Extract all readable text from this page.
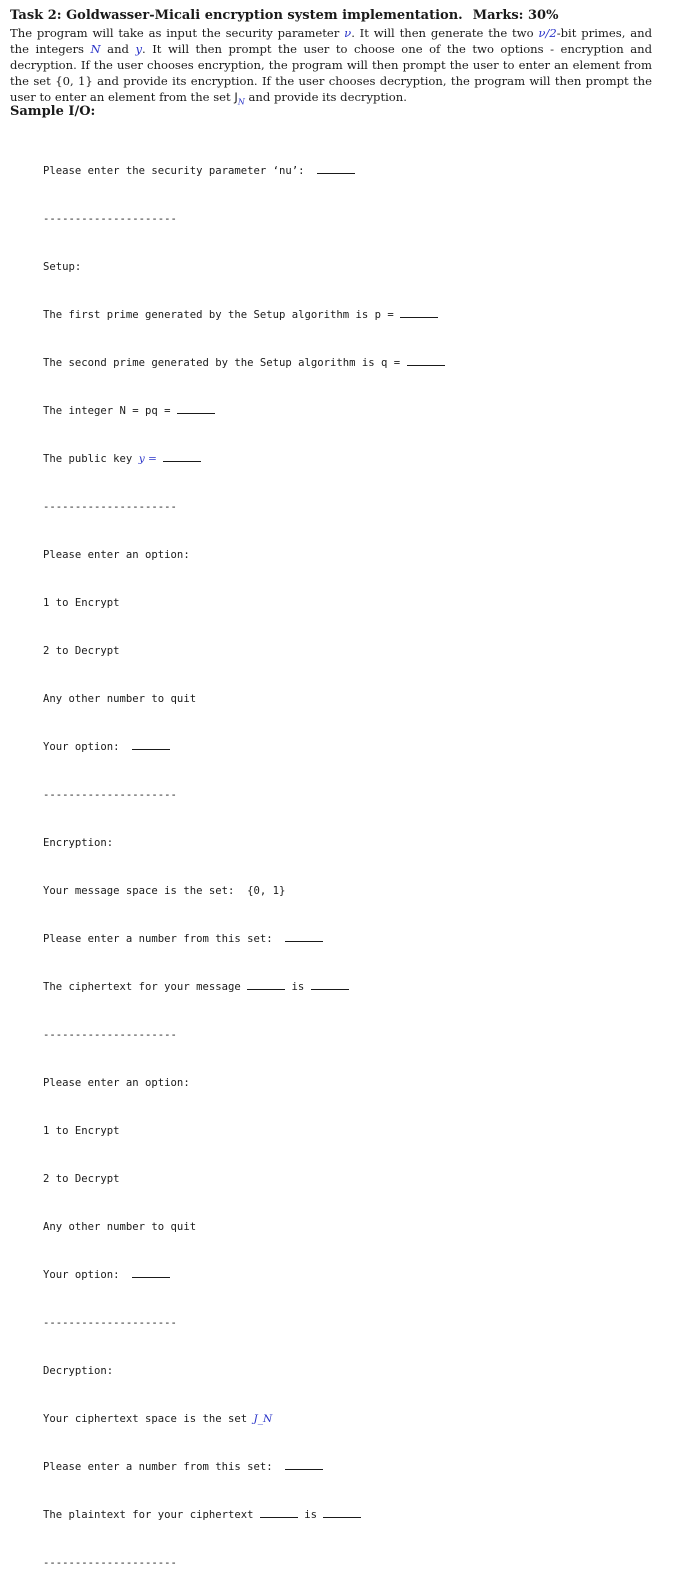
Task 2: Goldwasser-Micali encryption system implementation. Marks: 30%
The program will take as input the security parameter ν. It will then generate the two ν/2-bit primes, and the integers N and y. It will then prompt the user to choose one of the two options - encryption and decryption. If the user chooses encryption, the program will then prompt the user to enter an element from the set {0, 1} and provide its encryption. If the user chooses decryption, the program will then prompt the user to enter an element from the set $J_N$ and provide its decryption.
Sample I/O:

Please enter the security parameter ‘nu’:

---------------------

Setup:

The first prime generated by the Setup algorithm is p =

The second prime generated by the Setup algorithm is q =

The integer N = pq =

The public key y =

---------------------

Please enter an option:

1 to Encrypt

2 to Decrypt

Any other number to quit

Your option:

---------------------

Encryption:

Your message space is the set:  {0, 1}

Please enter a number from this set:

The ciphertext for your message	is

---------------------

Please enter an option:

1 to Encrypt

2 to Decrypt

Any other number to quit

Your option:

---------------------

Decryption:

Your ciphertext space is the set J_N

Please enter a number from this set:

The plaintext for your ciphertext	is

---------------------
